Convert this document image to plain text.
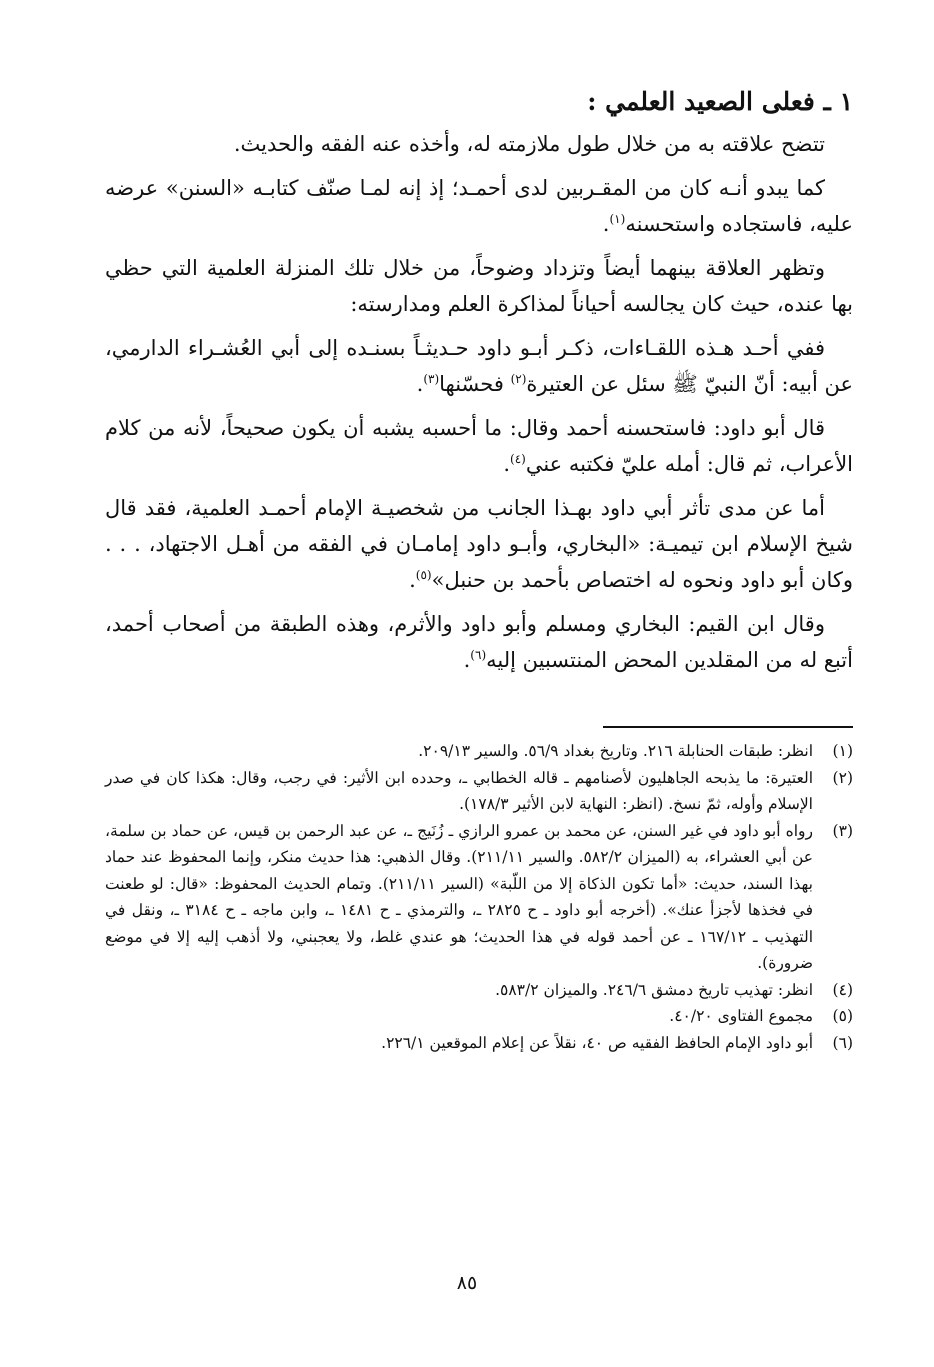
١ ـ فعلى الصعيد العلمي :

تتضح علاقته به من خلال طول ملازمته له، وأخذه عنه الفقه والحديث.

كما يبدو أنـه كان من المقـربين لدى أحمـد؛ إذ إنه لمـا صنّف كتابـه «السنن» عرضه عليه، فاستجاده واستحسنه$^{(١)}$.

وتظهر العلاقة بينهما أيضاً وتزداد وضوحاً، من خلال تلك المنزلة العلمية التي حظي بها عنده، حيث كان يجالسه أحياناً لمذاكرة العلم ومدارسته:

ففي أحـد هـذه اللقـاءات، ذكـر أبـو داود حـديثـاً بسنـده إلى أبي العُشـراء الدارمي، عن أبيه: أنّ النبيّ ﷺ سئل عن العتيرة$^{(٢)}$ فحسّنها$^{(٣)}$.

قال أبو داود: فاستحسنه أحمد وقال: ما أحسبه يشبه أن يكون صحيحاً، لأنه من كلام الأعراب، ثم قال: أمله عليّ فكتبه عني$^{(٤)}$.

أما عن مدى تأثر أبي داود بهـذا الجانب من شخصيـة الإمام أحمـد العلمية، فقد قال شيخ الإسلام ابن تيميـة: «البخاري، وأبـو داود إمامـان في الفقه من أهـل الاجتهاد، . . . وكان أبو داود ونحوه له اختصاص بأحمد بن حنبل»$^{(٥)}$.

وقال ابن القيم: البخاري ومسلم وأبو داود والأثرم، وهذه الطبقة من أصحاب أحمد، أتبع له من المقلدين المحض المنتسبين إليه$^{(٦)}$.

(١)
انظر: طبقات الحنابلة ٢١٦. وتاريخ بغداد ٥٦/٩. والسير ٢٠٩/١٣.
(٢)
العتيرة: ما يذبحه الجاهليون لأصنامهم ـ قاله الخطابي ـ، وحدده ابن الأثير: في رجب، وقال: هكذا كان في صدر الإسلام وأوله، ثمّ نسخ. (انظر: النهاية لابن الأثير ١٧٨/٣).
(٣)
رواه أبو داود في غير السنن، عن محمد بن عمرو الرازي ـ زُنَيج ـ، عن عبد الرحمن بن قيس، عن حماد بن سلمة، عن أبي العشراء، به (الميزان ٥٨٢/٢. والسير ٢١١/١١). وقال الذهبي: هذا حديث منكر، وإنما المحفوظ عند حماد بهذا السند، حديث: «أما تكون الذكاة إلا من اللّبة» (السير ٢١١/١١). وتمام الحديث المحفوظ: «قال: لو طعنت في فخذها لأجزأ عنك». (أخرجه أبو داود ـ ح ٢٨٢٥ ـ، والترمذي ـ ح ١٤٨١ ـ، وابن ماجه ـ ح ٣١٨٤ ـ، ونقل في التهذيب ـ ١٦٧/١٢ ـ عن أحمد قوله في هذا الحديث؛ هو عندي غلط، ولا يعجبني، ولا أذهب إليه إلا في موضع ضرورة).
(٤)
انظر: تهذيب تاريخ دمشق ٢٤٦/٦. والميزان ٥٨٣/٢.
(٥)
مجموع الفتاوى ٤٠/٢٠.
(٦)
أبو داود الإمام الحافظ الفقيه ص ٤٠، نقلاً عن إعلام الموقعين ٢٢٦/١.
٨٥
